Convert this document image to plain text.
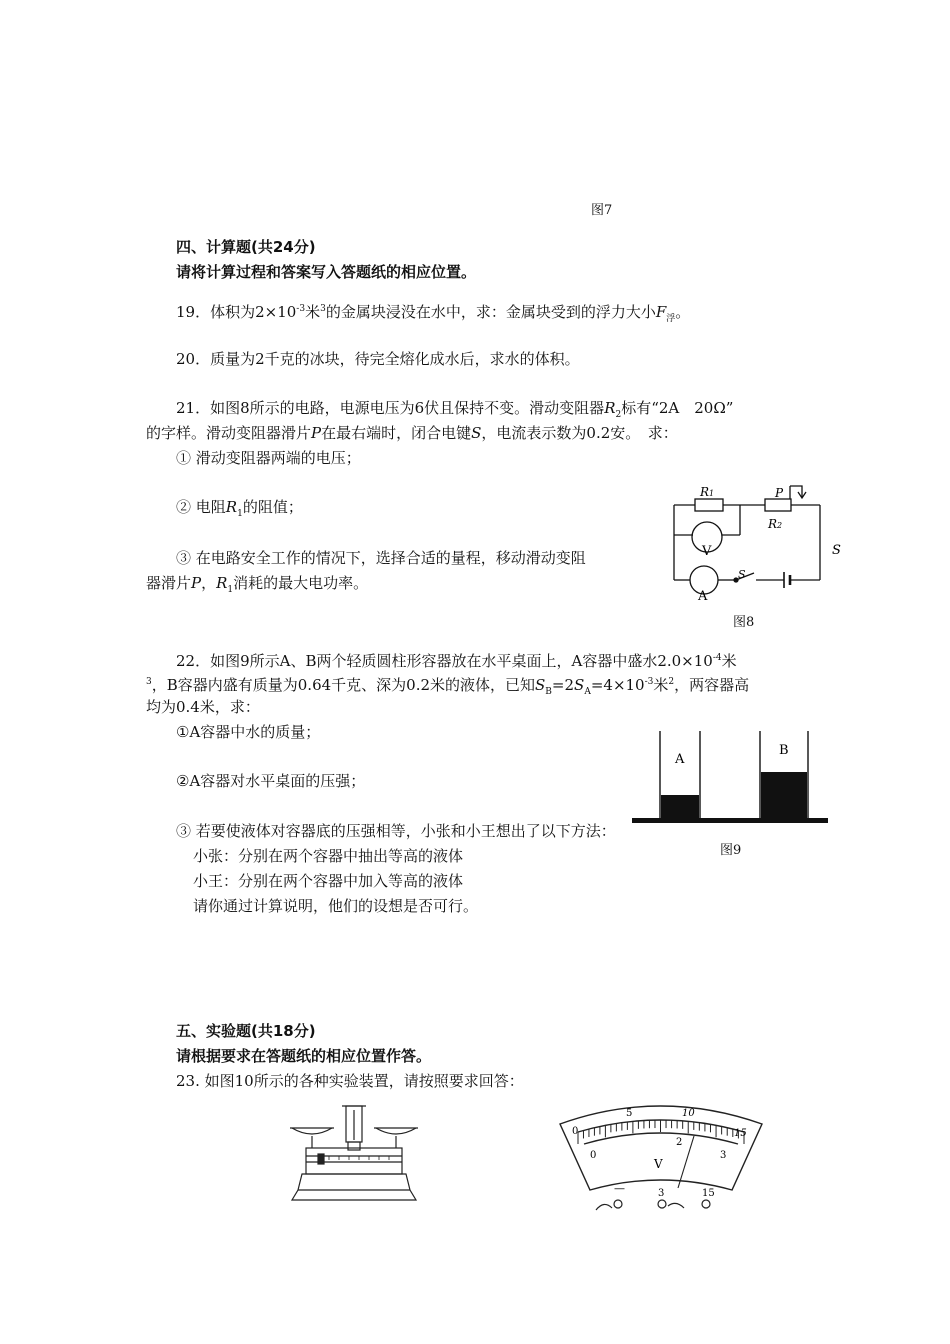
图7
四、计算题(共24分)
请将计算过程和答案写入答题纸的相应位置。
19．体积为$2\times 10^{-3}$米$^3$的金属块浸没在水中，求：金属块受到的浮力大小$F_浮$。
20．质量为2千克的冰块，待完全熔化成水后，求水的体积。
21．如图8所示的电路，电源电压为6伏且保持不变。滑动变阻器$R_2$标有“2A　20Ω”
的字样。滑动变阻器滑片P在最右端时，闭合电键S，电流表示数为0.2安。　求：
① 滑动变阻器两端的电压；
② 电阻$R_1$的阻值；
③ 在电路安全工作的情况下，选择合适的量程，移动滑动变阻
器滑片P，$R_1$消耗的最大电功率。
R1	P
R2
V
A
S
S
图8
22．如图9所示A、B两个轻质圆柱形容器放在水平桌面上，A容器中盛水$2.0\times 10^{-4}$米
$^3$，B容器内盛有质量为0.64千克、深为0.2米的液体，已知$S_B=2S_A=4\times 10^{-3}$米$^2$，两容器高
均为0.4米，求：
①A容器中水的质量；
②A容器对水平桌面的压强；
③ 若要使液体对容器底的压强相等，小张和小王想出了以下方法：
小张：分别在两个容器中抽出等高的液体
小王：分别在两个容器中加入等高的液体
请你通过计算说明，他们的设想是否可行。
A
B
图9
五、实验题(共18分)
请根据要求在答题纸的相应位置作答。
23. 如图10所示的各种实验装置，请按照要求回答：
0
5	10
15
0
2
3
V
—	3	15
